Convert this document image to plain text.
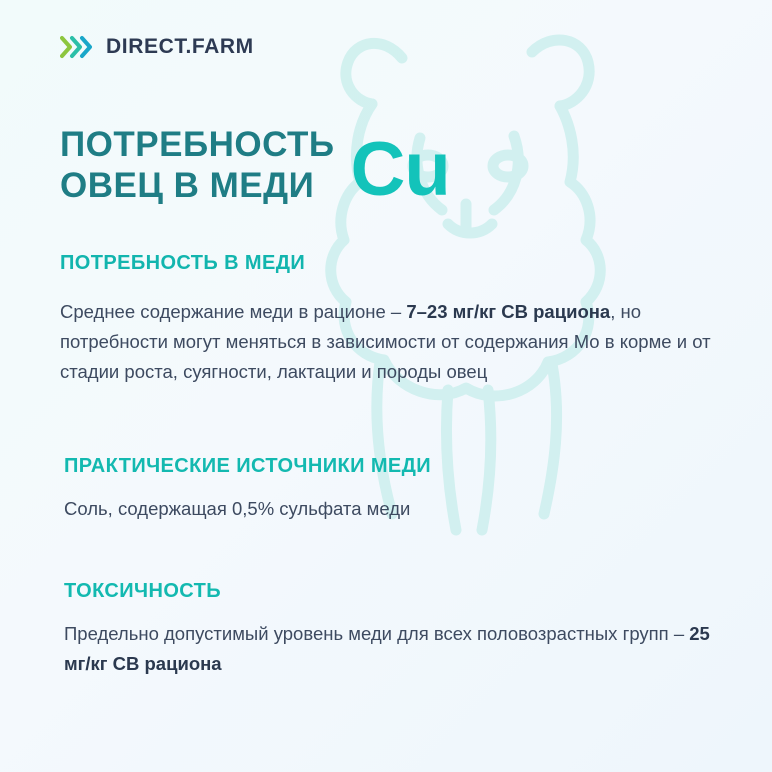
DIRECT.FARM
ПОТРЕБНОСТЬ
ОВЕЦ В МЕДИ Cu
ПОТРЕБНОСТЬ В МЕДИ
Среднее содержание меди в рационе – 7–23 мг/кг СВ рациона, но потребности могут меняться в зависимости от содержания Мо в корме и от стадии роста, суягности, лактации и породы овец
ПРАКТИЧЕСКИЕ ИСТОЧНИКИ МЕДИ
Соль, содержащая 0,5% сульфата меди
ТОКСИЧНОСТЬ
Предельно допустимый уровень меди для всех половозрастных групп – 25 мг/кг СВ рациона
